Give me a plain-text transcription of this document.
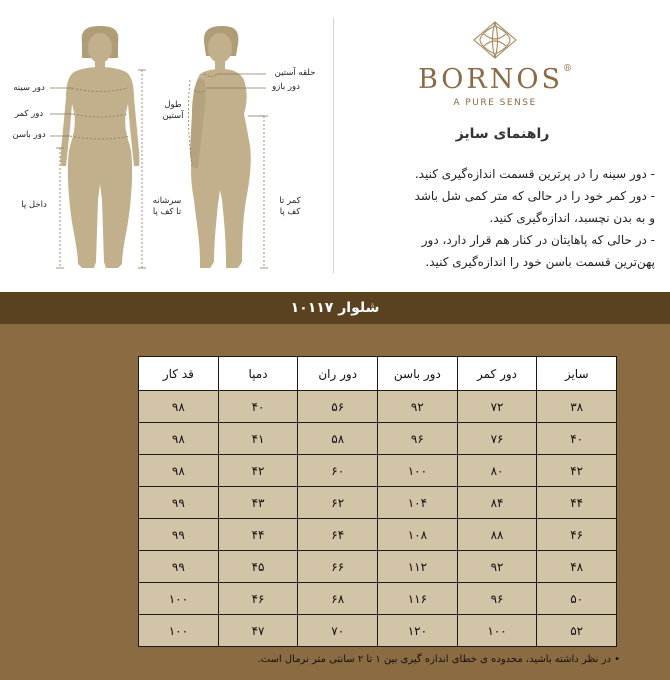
دور سینه
دور کمر
دور باسن
داخل پا	سرشانه
تا کف پا
طول
آستین
حلقه آستین
دور بازو
کمر تا
کف پا
BORNOS®
A PURE SENSE
راهنمای سایز

- دور سینه را در پرترین قسمت اندازه‌گیری کنید.

- دور کمر خود را در حالی که متر کمی شل باشد

و به بدن نچسبد، اندازه‌گیری کنید.

- در حالی که پاهایتان در کنار هم قرار دارد، دور

پهن‌ترین قسمت باسن خود را اندازه‌گیری کنید.

شلوار ۱۰۱۱۷
سایز	دور کمر	دور باسن	دور ران	دمپا	قد کار
۳۸	۷۲	۹۲	۵۶	۴۰	۹۸
۴۰	۷۶	۹۶	۵۸	۴۱	۹۸
۴۲	۸۰	۱۰۰	۶۰	۴۲	۹۸
۴۴	۸۴	۱۰۴	۶۲	۴۳	۹۹
۴۶	۸۸	۱۰۸	۶۴	۴۴	۹۹
۴۸	۹۲	۱۱۲	۶۶	۴۵	۹۹
۵۰	۹۶	۱۱۶	۶۸	۴۶	۱۰۰
۵۲	۱۰۰	۱۲۰	۷۰	۴۷	۱۰۰
• در نظر داشته باشید، محدوده ی خطای اندازه گیری بین ۱ تا ۲ سانتی متر نرمال است.
